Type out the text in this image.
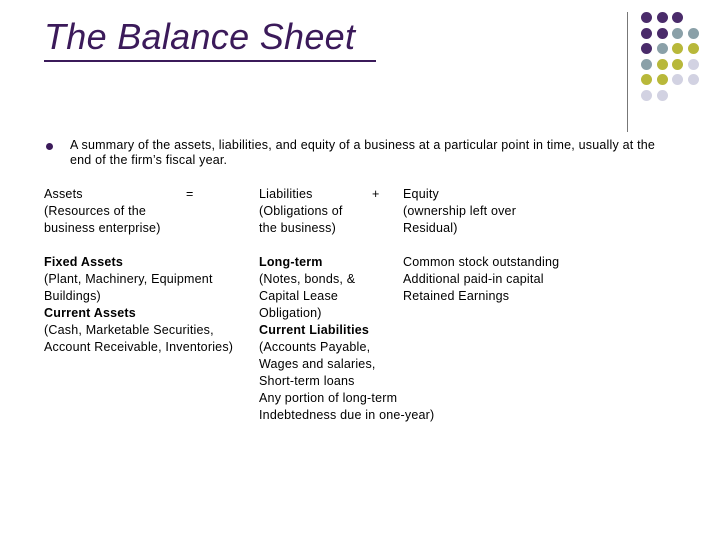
The Balance Sheet
A summary of the assets, liabilities, and equity of a business at a particular point in time, usually at the
end of the firm’s fiscal year.
Assets
(Resources of the
business enterprise)
=	Liabilities
(Obligations of
the business)
+ Equity
(ownership left over
Residual)
Fixed Assets
(Plant, Machinery, Equipment
Buildings)
Current Assets
(Cash, Marketable Securities,
Account Receivable, Inventories)
Long-term
(Notes, bonds, &
Capital Lease
Obligation)
Current Liabilities
(Accounts Payable,
Wages and salaries,
Short-term loans
Any portion of long-term
Indebtedness due in one-year)
Common stock outstanding
Additional paid-in capital
Retained Earnings
